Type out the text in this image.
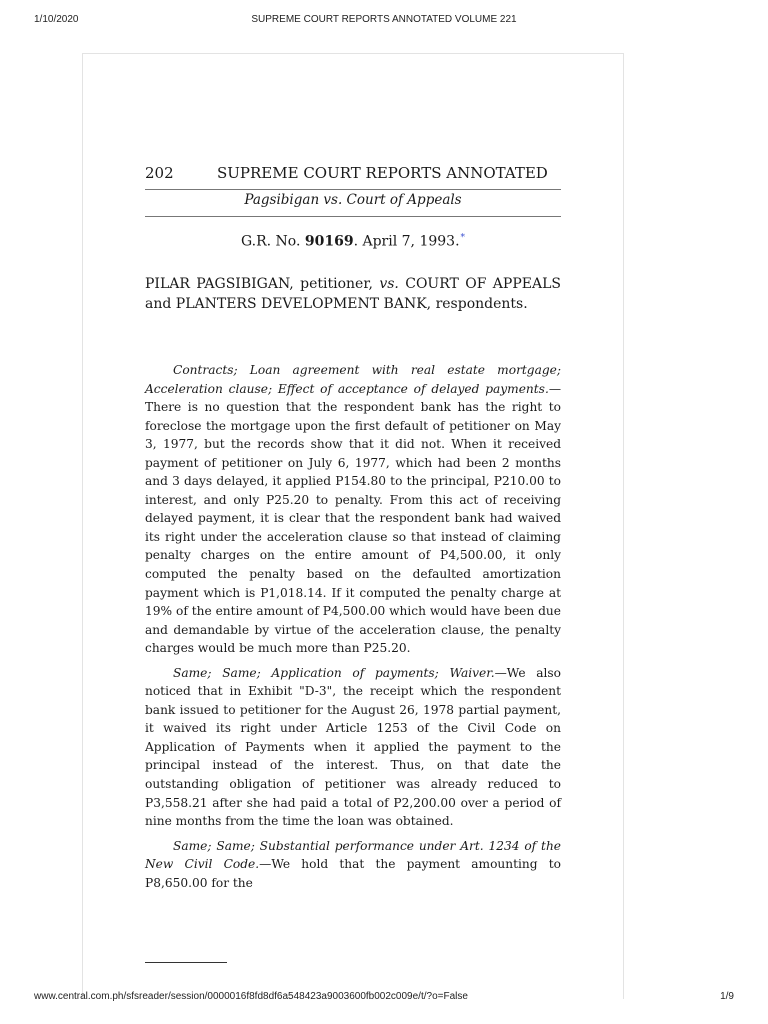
1/10/2020	SUPREME COURT REPORTS ANNOTATED VOLUME 221
202	SUPREME COURT REPORTS ANNOTATED
Pagsibigan vs. Court of Appeals
G.R. No. 90169. April 7, 1993.*
PILAR PAGSIBIGAN, petitioner, vs. COURT OF APPEALS and PLANTERS DEVELOPMENT BANK, respondents.

Contracts; Loan agreement with real estate mortgage; Acceleration clause; Effect of acceptance of delayed payments.—There is no question that the respondent bank has the right to foreclose the mortgage upon the first default of petitioner on May 3, 1977, but the records show that it did not. When it received payment of petitioner on July 6, 1977, which had been 2 months and 3 days delayed, it applied P154.80 to the principal, P210.00 to interest, and only P25.20 to penalty. From this act of receiving delayed payment, it is clear that the respondent bank had waived its right under the acceleration clause so that instead of claiming penalty charges on the entire amount of P4,500.00, it only computed the penalty based on the defaulted amortization payment which is P1,018.14. If it computed the penalty charge at 19% of the entire amount of P4,500.00 which would have been due and demandable by virtue of the acceleration clause, the penalty charges would be much more than P25.20.

Same; Same; Application of payments; Waiver.—We also noticed that in Exhibit "D-3", the receipt which the respondent bank issued to petitioner for the August 26, 1978 partial payment, it waived its right under Article 1253 of the Civil Code on Application of Payments when it applied the payment to the principal instead of the interest. Thus, on that date the outstanding obligation of petitioner was already reduced to P3,558.21 after she had paid a total of P2,200.00 over a period of nine months from the time the loan was obtained.

Same; Same; Substantial performance under Art. 1234 of the New Civil Code.—We hold that the payment amounting to P8,650.00 for the

www.central.com.ph/sfsreader/session/0000016f8fd8df6a548423a9003600fb002c009e/t/?o=False	1/9
